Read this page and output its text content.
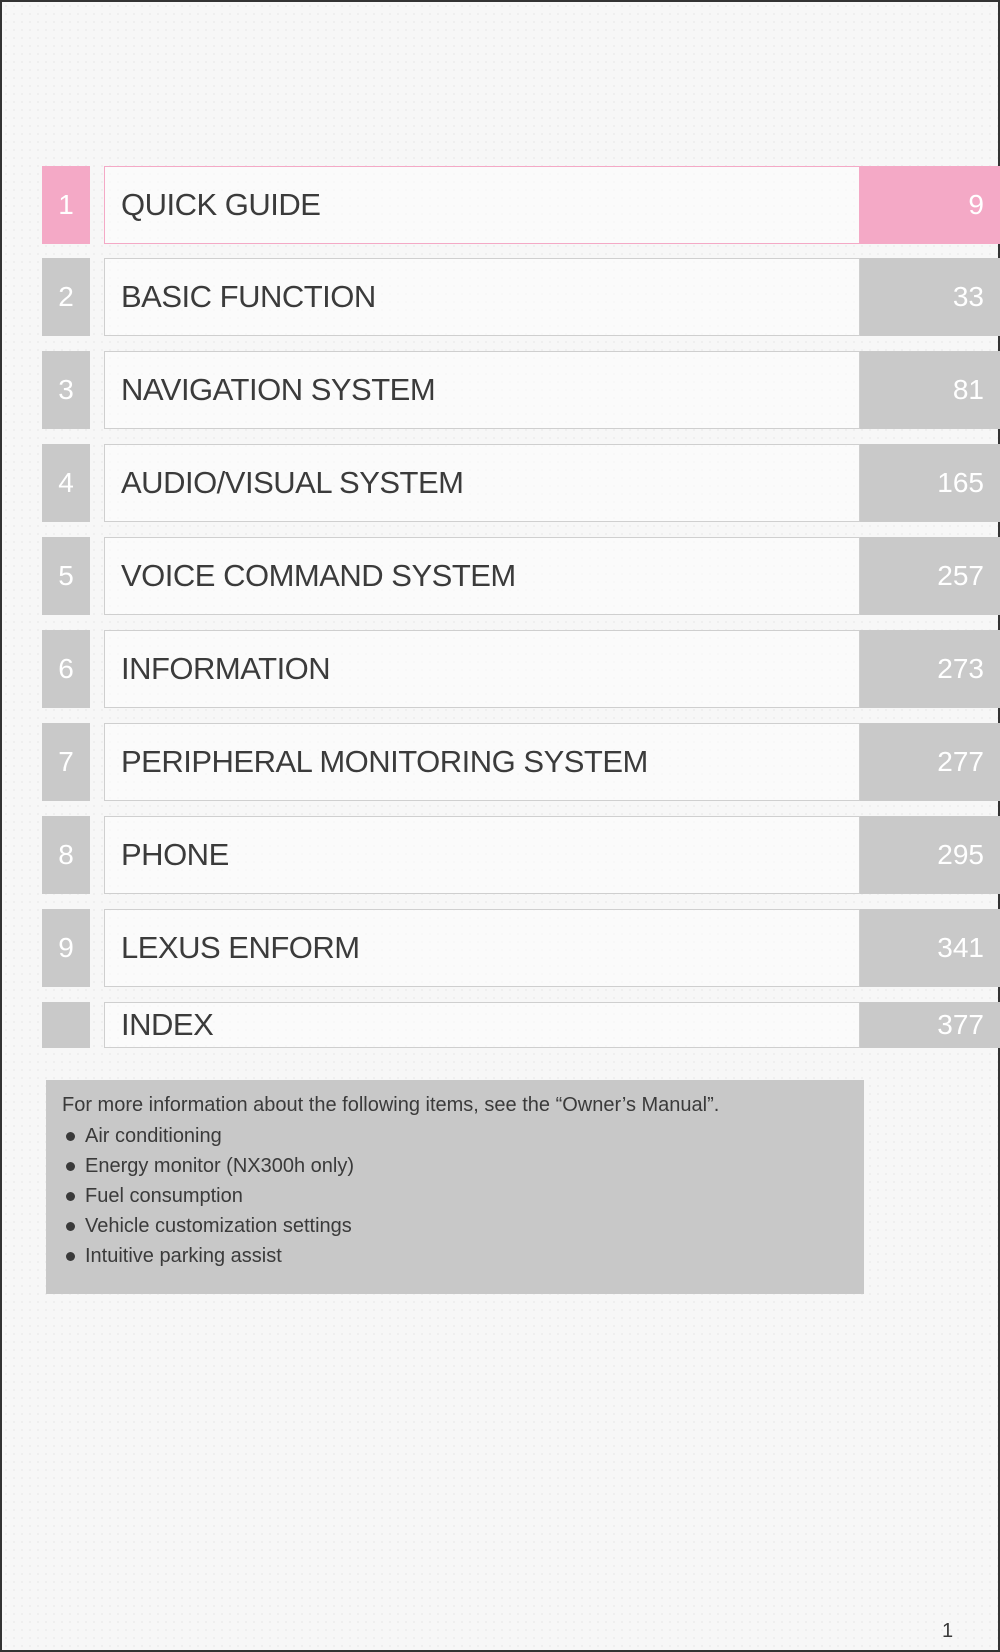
1	QUICK GUIDE	9
2	BASIC FUNCTION	33
3	NAVIGATION SYSTEM	81
4	AUDIO/VISUAL SYSTEM	165
5	VOICE COMMAND SYSTEM	257
6	INFORMATION	273
7	PERIPHERAL MONITORING SYSTEM	277
8	PHONE	295
9	LEXUS ENFORM	341
INDEX	377

For more information about the following items, see the “Owner’s Manual”.

Air conditioning
Energy monitor (NX300h only)
Fuel consumption
Vehicle customization settings
Intuitive parking assist
1
